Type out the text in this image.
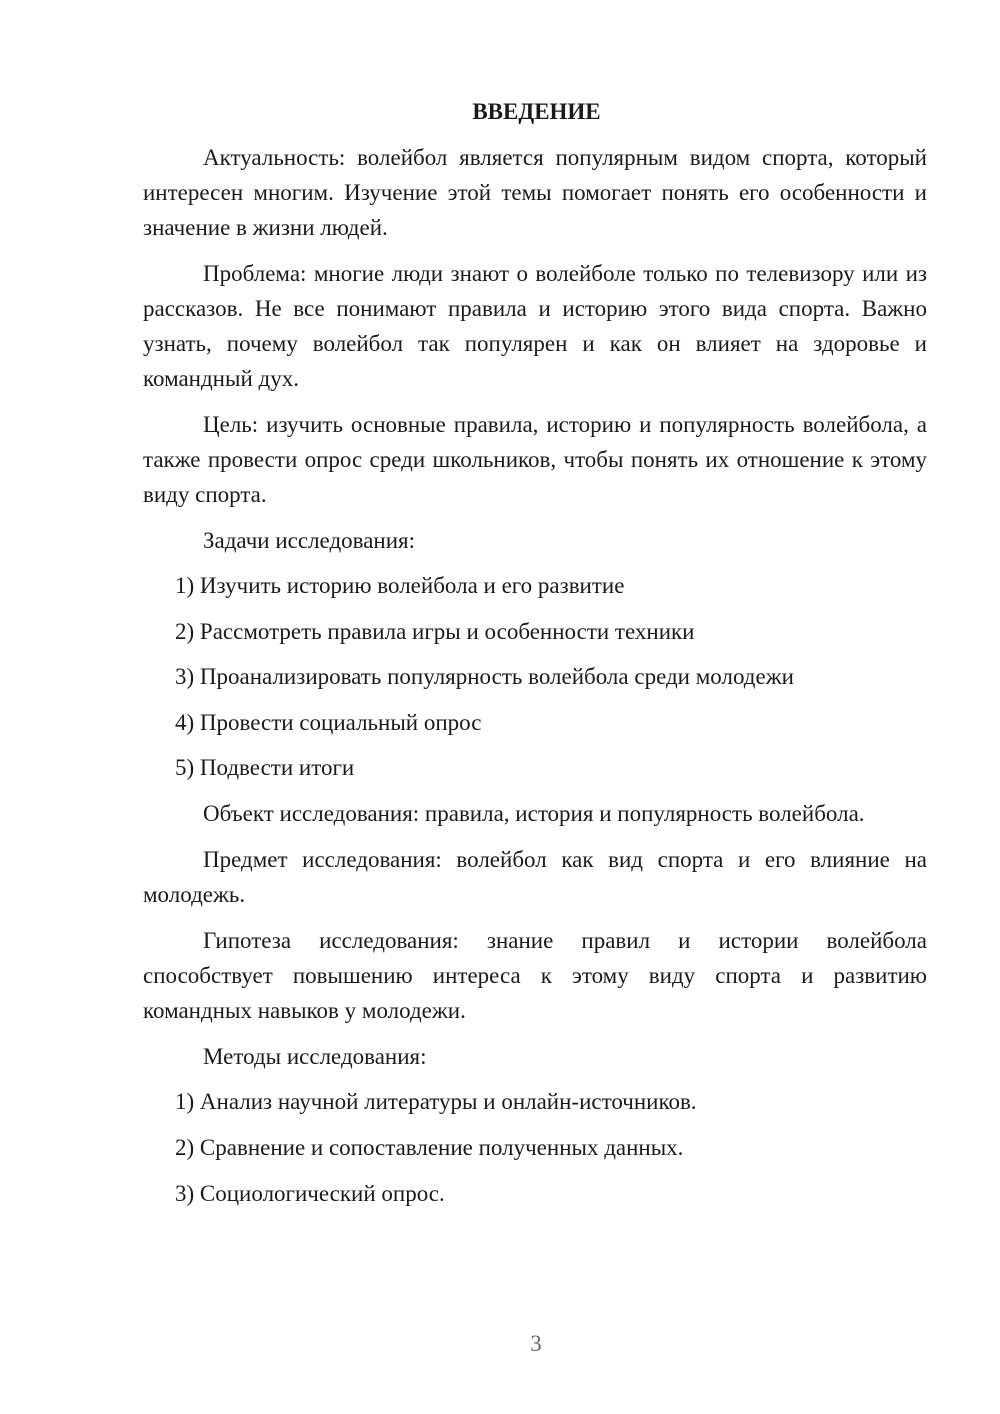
ВВЕДЕНИЕ

Актуальность: волейбол является популярным видом спорта, который интересен многим. Изучение этой темы помогает понять его особенности и значение в жизни людей.

Проблема: многие люди знают о волейболе только по телевизору или из рассказов. Не все понимают правила и историю этого вида спорта. Важно узнать, почему волейбол так популярен и как он влияет на здоровье и командный дух.

Цель: изучить основные правила, историю и популярность волейбола, а также провести опрос среди школьников, чтобы понять их отношение к этому виду спорта.

Задачи исследования:

1) Изучить историю волейбола и его развитие
2) Рассмотреть правила игры и особенности техники
3) Проанализировать популярность волейбола среди молодежи
4) Провести социальный опрос
5) Подвести итоги

Объект исследования: правила, история и популярность волейбола.

Предмет исследования: волейбол как вид спорта и его влияние на молодежь.

Гипотеза исследования: знание правил и истории волейбола способствует повышению интереса к этому виду спорта и развитию командных навыков у молодежи.

Методы исследования:

1) Анализ научной литературы и онлайн-источников.
2) Сравнение и сопоставление полученных данных.
3) Социологический опрос.
3
